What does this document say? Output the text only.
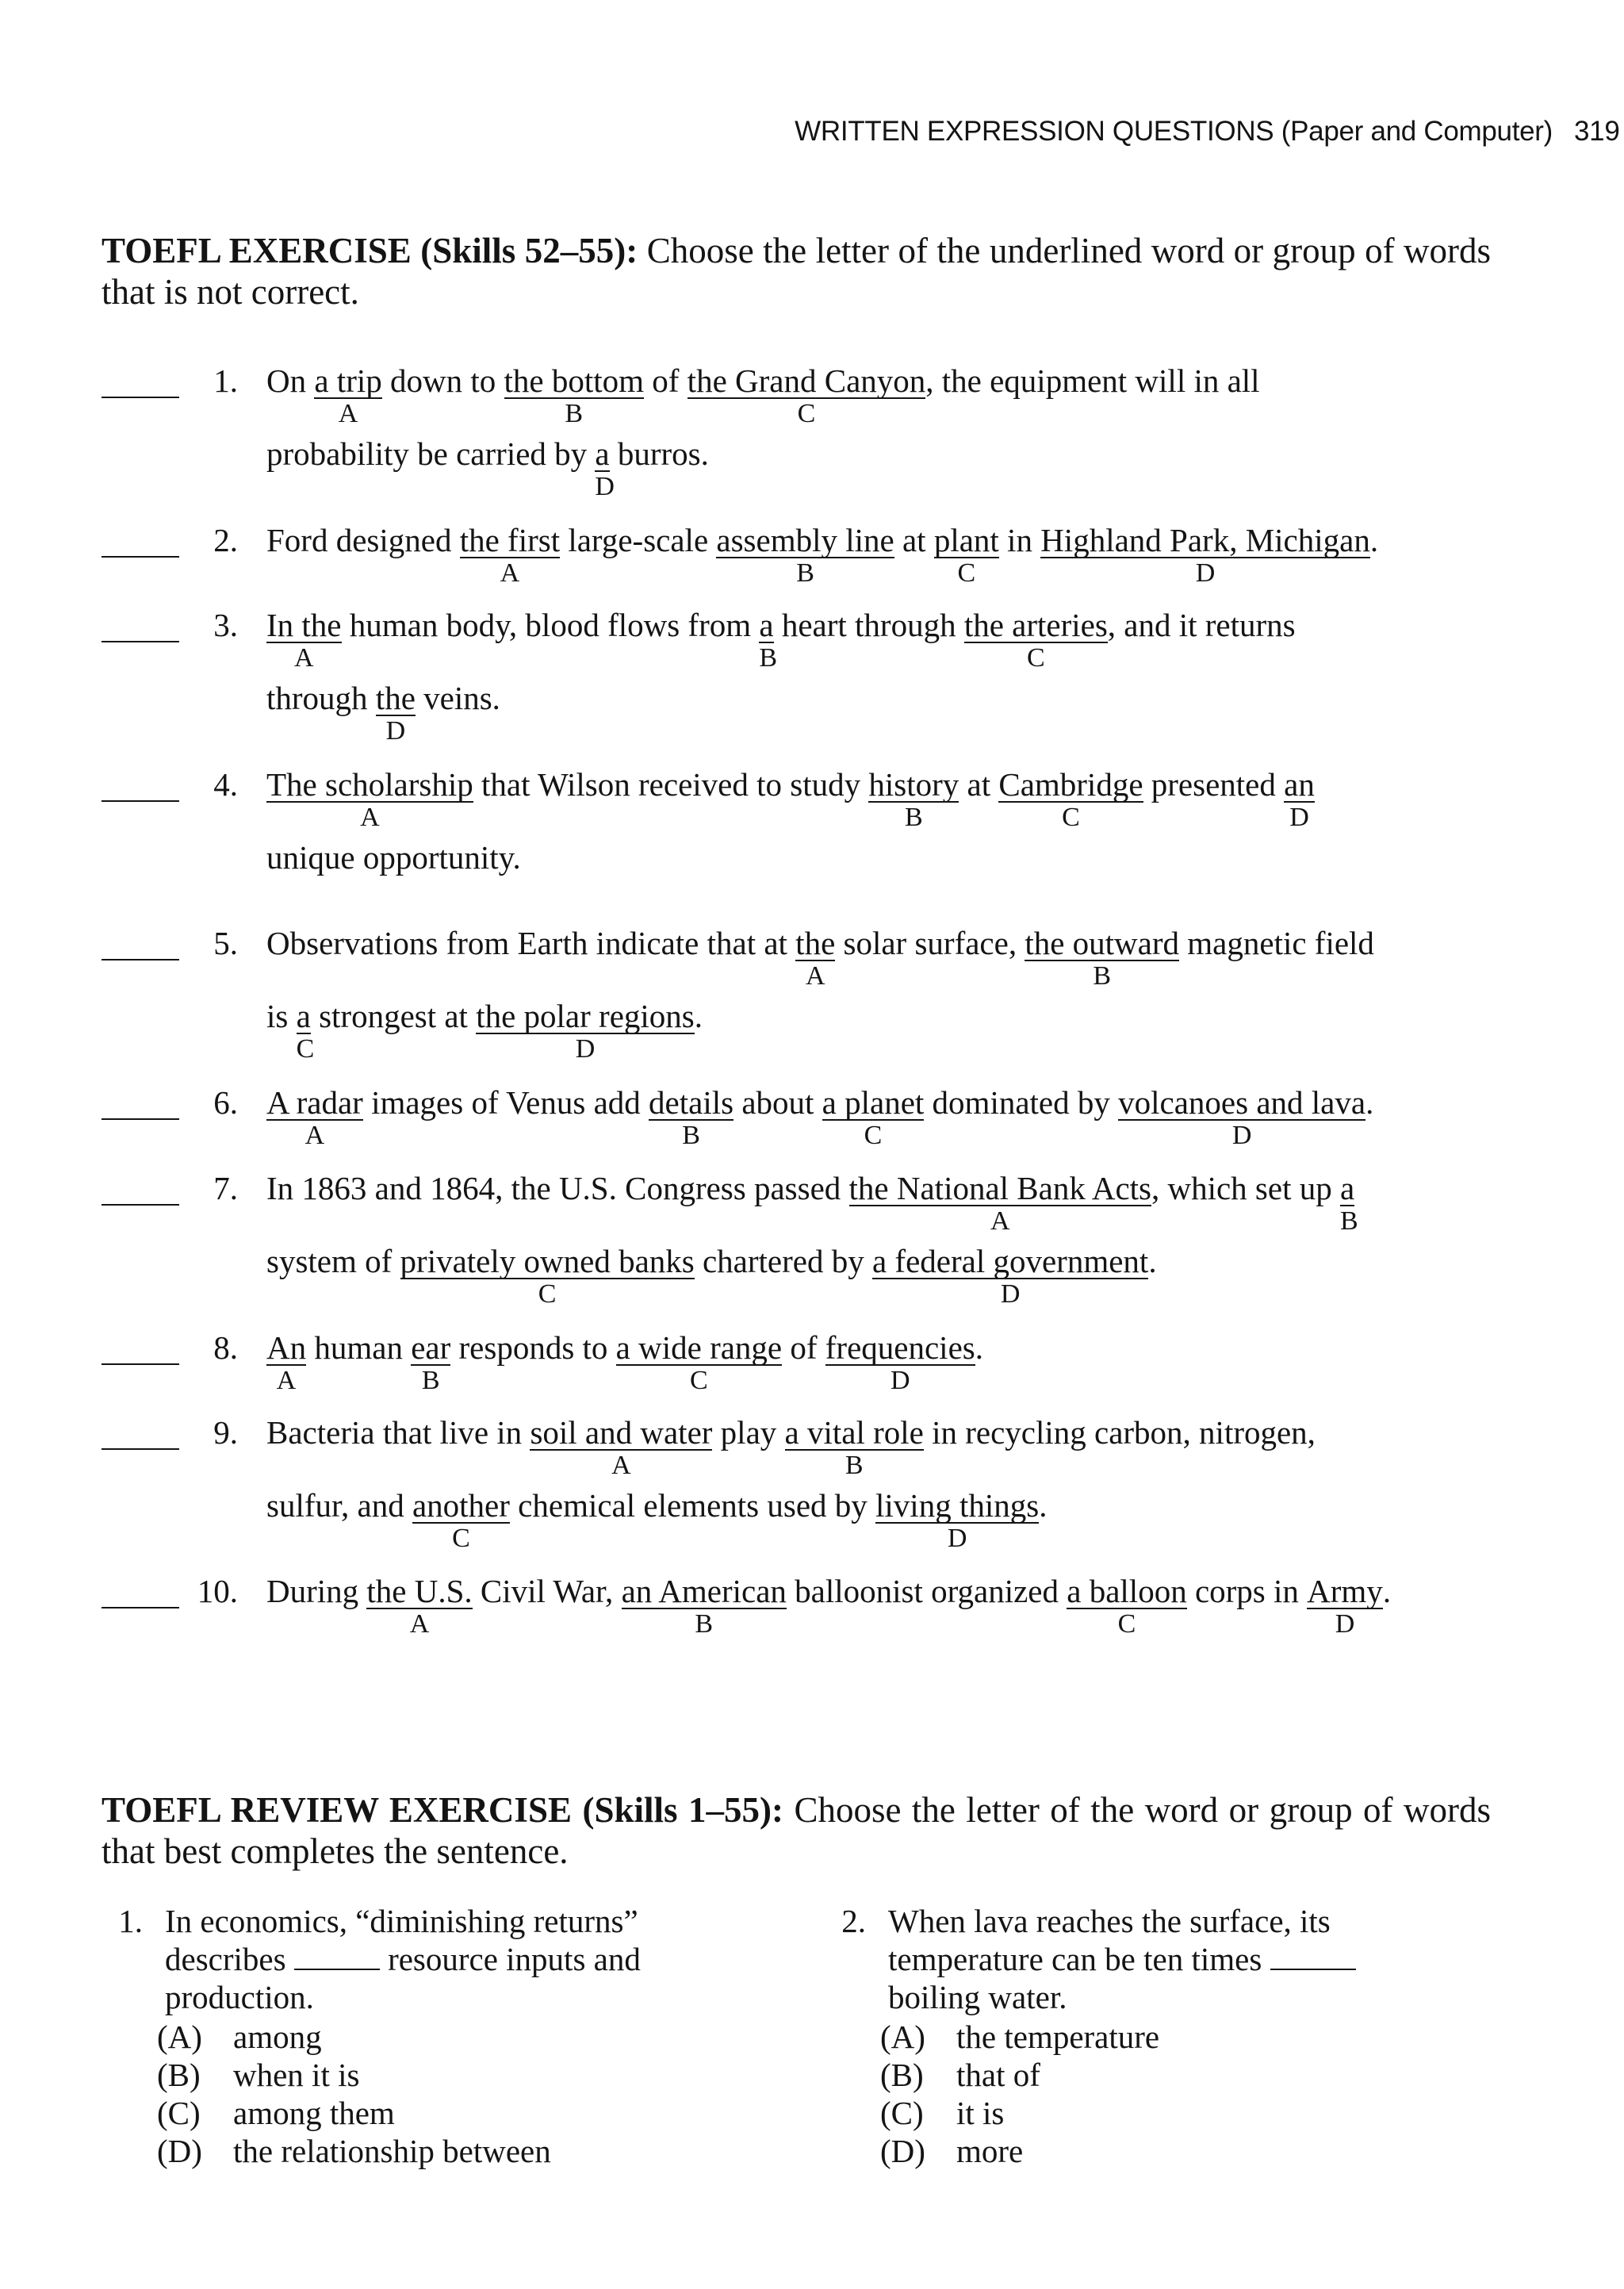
WRITTEN EXPRESSION QUESTIONS (Paper and Computer) 319
TOEFL EXERCISE (Skills 52–55): Choose the letter of the underlined word or group of words that is not correct.
1. On a trip
A
down to the bottom
B
of the Grand Canyon
C
, the equipment will in all
probability be carried by a
D
burros.
2. Ford designed the first
A
large-scale assembly line
B
at plant
C
in Highland Park, Michigan
D
.
3. In the
A
human body, blood flows from a
B
heart through the arteries
C
, and it returns
through the
D
veins.
4. The scholarship
A
that Wilson received to study history
B
at Cambridge
C
presented an
D
unique opportunity.
5. Observations from Earth indicate that at the
A
solar surface, the outward
B
magnetic field
is a
C
strongest at the polar regions
D
.
6. A radar
A
images of Venus add details
B
about a planet
C
dominated by volcanoes and lava
D
.
7. In 1863 and 1864, the U.S. Congress passed the National Bank Acts
A
, which set up a
B
system of privately owned banks
C
chartered by a federal government
D
.
8. An
A
human ear
B
responds to a wide range
C
of frequencies
D
.
9. Bacteria that live in soil and water
A
play a vital role
B
in recycling carbon, nitrogen,
sulfur, and another
C
chemical elements used by living things
D
.
10. During the U.S.
A
Civil War, an American
B
balloonist organized a balloon
C
corps in Army
D
.
TOEFL REVIEW EXERCISE (Skills 1–55): Choose the letter of the word or group of words that best completes the sentence.
1. In economics, “diminishing returns” describes	resource inputs and production.
(A) among
(B) when it is
(C) among them
(D) the relationship between
2. When lava reaches the surface, its temperature can be ten times  boiling water.
(A) the temperature
(B) that of
(C) it is
(D) more
